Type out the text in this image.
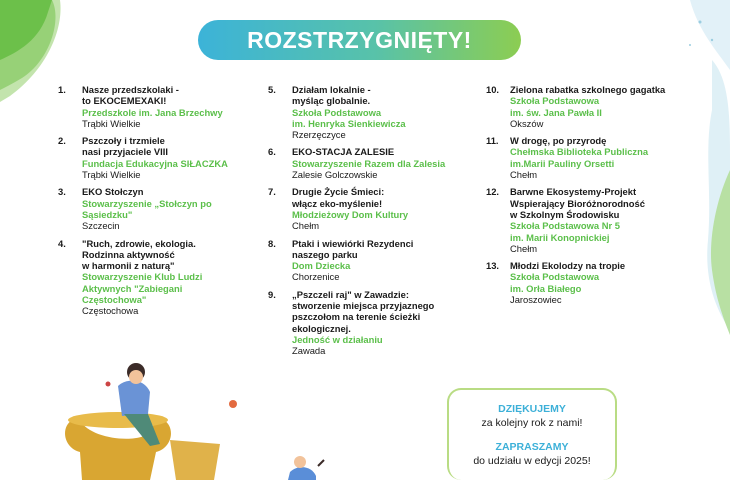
ROZSTRZYGNIĘTY!
1. Nasze przedszkolaki -
to EKOCEMEXAKI!
Przedszkole im. Jana Brzechwy
Trąbki Wielkie
2. Pszczoły i trzmiele
nasi przyjaciele VIII
Fundacja Edukacyjna SIŁACZKA
Trąbki Wielkie
3. EKO Stołczyn
Stowarzyszenie „Stołczyn po
Sąsiedzku"
Szczecin
4. "Ruch, zdrowie, ekologia.
Rodzinna aktywność
w harmonii z naturą"
Stowarzyszenie Klub Ludzi
Aktywnych "Zabiegani
Częstochowa"
Częstochowa
5. Działam lokalnie -
myśląc globalnie.
Szkoła Podstawowa
im. Henryka Sienkiewicza
Rzerzęczyce
6. EKO-STACJA ZALESIE
Stowarzyszenie Razem dla Zalesia
Zalesie Golczowskie
7. Drugie Życie Śmieci:
włącz eko-myślenie!
Młodzieżowy Dom Kultury
Chełm
8. Ptaki i wiewiórki Rezydenci
naszego parku
Dom Dziecka
Chorzenice
9. „Pszczeli raj" w Zawadzie:
stworzenie miejsca przyjaznego
pszczołom na terenie ścieżki
ekologicznej.
Jedność w działaniu
Zawada
10. Zielona rabatka szkolnego gagatka
Szkoła Podstawowa
im. św. Jana Pawła II
Okszów
11. W drogę, po przyrodę
Chełmska Biblioteka Publiczna
im.Marii Pauliny Orsetti
Chełm
12. Barwne Ekosystemy-Projekt
Wspierający Bioróżnorodność
w Szkolnym Środowisku
Szkoła Podstawowa Nr 5
im. Marii Konopnickiej
Chełm
13. Młodzi Ekolodzy na tropie
Szkoła Podstawowa
im. Orła Białego
Jaroszowiec
DZIĘKUJEMY
za kolejny rok z nami!
ZAPRASZAMY
do udziału w edycji 2025!
